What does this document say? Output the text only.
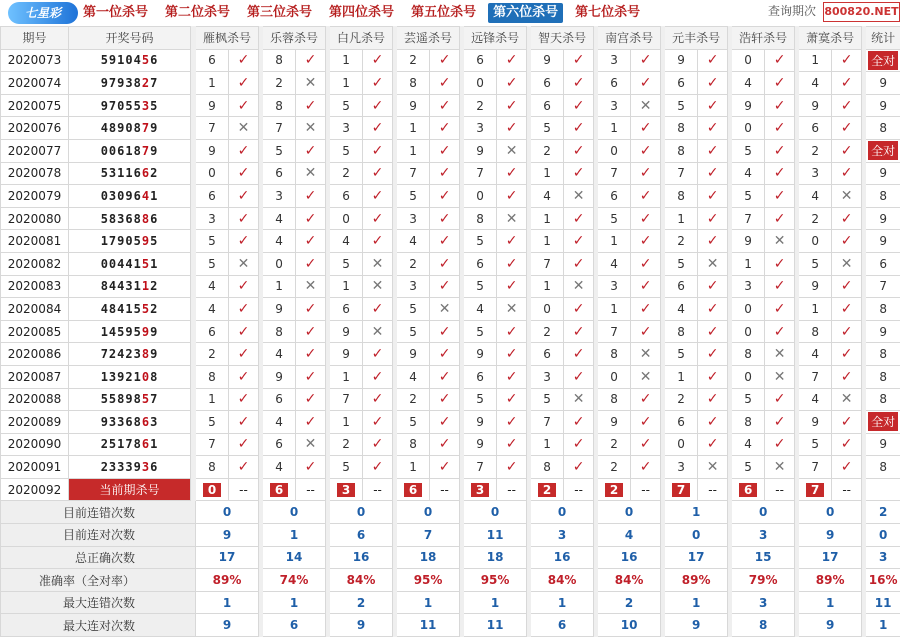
七星彩	第一位杀号	第二位杀号	第三位杀号	第四位杀号	第五位杀号	第六位杀号	第七位杀号	查询期次 800820.NET
期号	开奖号码		雁枫杀号			乐蓉杀号			白凡杀号			芸遥杀号			远锋杀号			智天杀号			南宫杀号			元丰杀号			浩轩杀号			萧寞杀号			统计
2020073	5910456		6	✓		8	✓		1	✓		2	✓		6	✓		9	✓		3	✓		9	✓		0	✓		1	✓		全对
2020074	9793827		1	✓		2	✕		1	✓		8	✓		0	✓		6	✓		6	✓		6	✓		4	✓		4	✓		9
2020075	9705535		9	✓		8	✓		5	✓		9	✓		2	✓		6	✓		3	✕		5	✓		9	✓		9	✓		9
2020076	4890879		7	✕		7	✕		3	✓		1	✓		3	✓		5	✓		1	✓		8	✓		0	✓		6	✓		8
2020077	0061879		9	✓		5	✓		5	✓		1	✓		9	✕		2	✓		0	✓		8	✓		5	✓		2	✓		全对
2020078	5311662		0	✓		6	✕		2	✓		7	✓		7	✓		1	✓		7	✓		7	✓		4	✓		3	✓		9
2020079	0309641		6	✓		3	✓		6	✓		5	✓		0	✓		4	✕		6	✓		8	✓		5	✓		4	✕		8
2020080	5836886		3	✓		4	✓		0	✓		3	✓		8	✕		1	✓		5	✓		1	✓		7	✓		2	✓		9
2020081	1790595		5	✓		4	✓		4	✓		4	✓		5	✓		1	✓		1	✓		2	✓		9	✕		0	✓		9
2020082	0044151		5	✕		0	✓		5	✕		2	✓		6	✓		7	✓		4	✓		5	✕		1	✓		5	✕		6
2020083	8443112		4	✓		1	✕		1	✕		3	✓		5	✓		1	✕		3	✓		6	✓		3	✓		9	✓		7
2020084	4841552		4	✓		9	✓		6	✓		5	✕		4	✕		0	✓		1	✓		4	✓		0	✓		1	✓		8
2020085	1459599		6	✓		8	✓		9	✕		5	✓		5	✓		2	✓		7	✓		8	✓		0	✓		8	✓		9
2020086	7242389		2	✓		4	✓		9	✓		9	✓		9	✓		6	✓		8	✕		5	✓		8	✕		4	✓		8
2020087	1392108		8	✓		9	✓		1	✓		4	✓		6	✓		3	✓		0	✕		1	✓		0	✕		7	✓		8
2020088	5589857		1	✓		6	✓		7	✓		2	✓		5	✓		5	✕		8	✓		2	✓		5	✓		4	✕		8
2020089	9336863		5	✓		4	✓		1	✓		5	✓		9	✓		7	✓		9	✓		6	✓		8	✓		9	✓		全对
2020090	2517861		7	✓		6	✕		2	✓		8	✓		9	✓		1	✓		2	✓		0	✓		4	✓		5	✓		9
2020091	2333936		8	✓		4	✓		5	✓		1	✓		7	✓		8	✓		2	✓		3	✕		5	✕		7	✓		8
2020092	当前期杀号		0	--		6	--		3	--		6	--		3	--		2	--		2	--		7	--		6	--		7	--		
目前连错次数			0			0			0			0			0			0			0			1			0			0			2
目前连对次数			9			1			6			7			11			3			4			0			3			9			0
总正确次数			17			14			16			18			18			16			16			17			15			17			3
准确率（全对率）			89%			74%			84%			95%			95%			84%			84%			89%			79%			89%			16%
最大连错次数			1			1			2			1			1			1			2			1			3			1			11
最大连对次数			9			6			9			11			11			6			10			9			8			9			1
